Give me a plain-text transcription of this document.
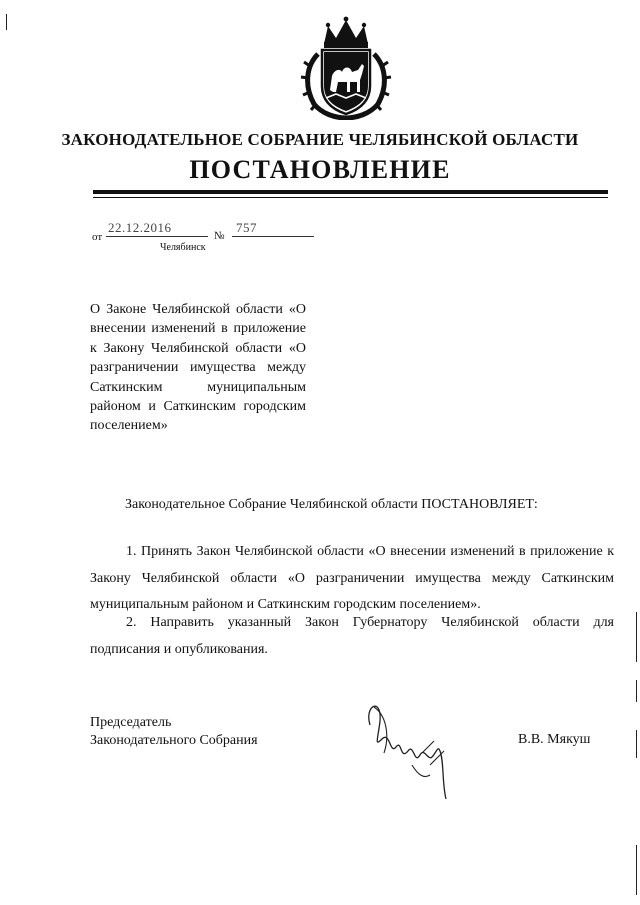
ЗАКОНОДАТЕЛЬНОЕ СОБРАНИЕ ЧЕЛЯБИНСКОЙ ОБЛАСТИ
ПОСТАНОВЛЕНИЕ
от
22.12.2016
№
757
Челябинск
О Законе Челябинской области «О внесении изменений в приложение к Закону Челябинской области «О разграничении имущества между Саткинским муниципальным районом и Саткинским городским поселением»
Законодательное Собрание Челябинской области ПОСТАНОВЛЯЕТ:
1. Принять Закон Челябинской области «О внесении изменений в приложение к Закону Челябинской области «О разграничении имущества между Саткинским муниципальным районом и Саткинским городским поселением».
2. Направить указанный Закон Губернатору Челябинской области для подписания и опубликования.
Председатель
Законодательного Собрания	В.В. Мякуш
